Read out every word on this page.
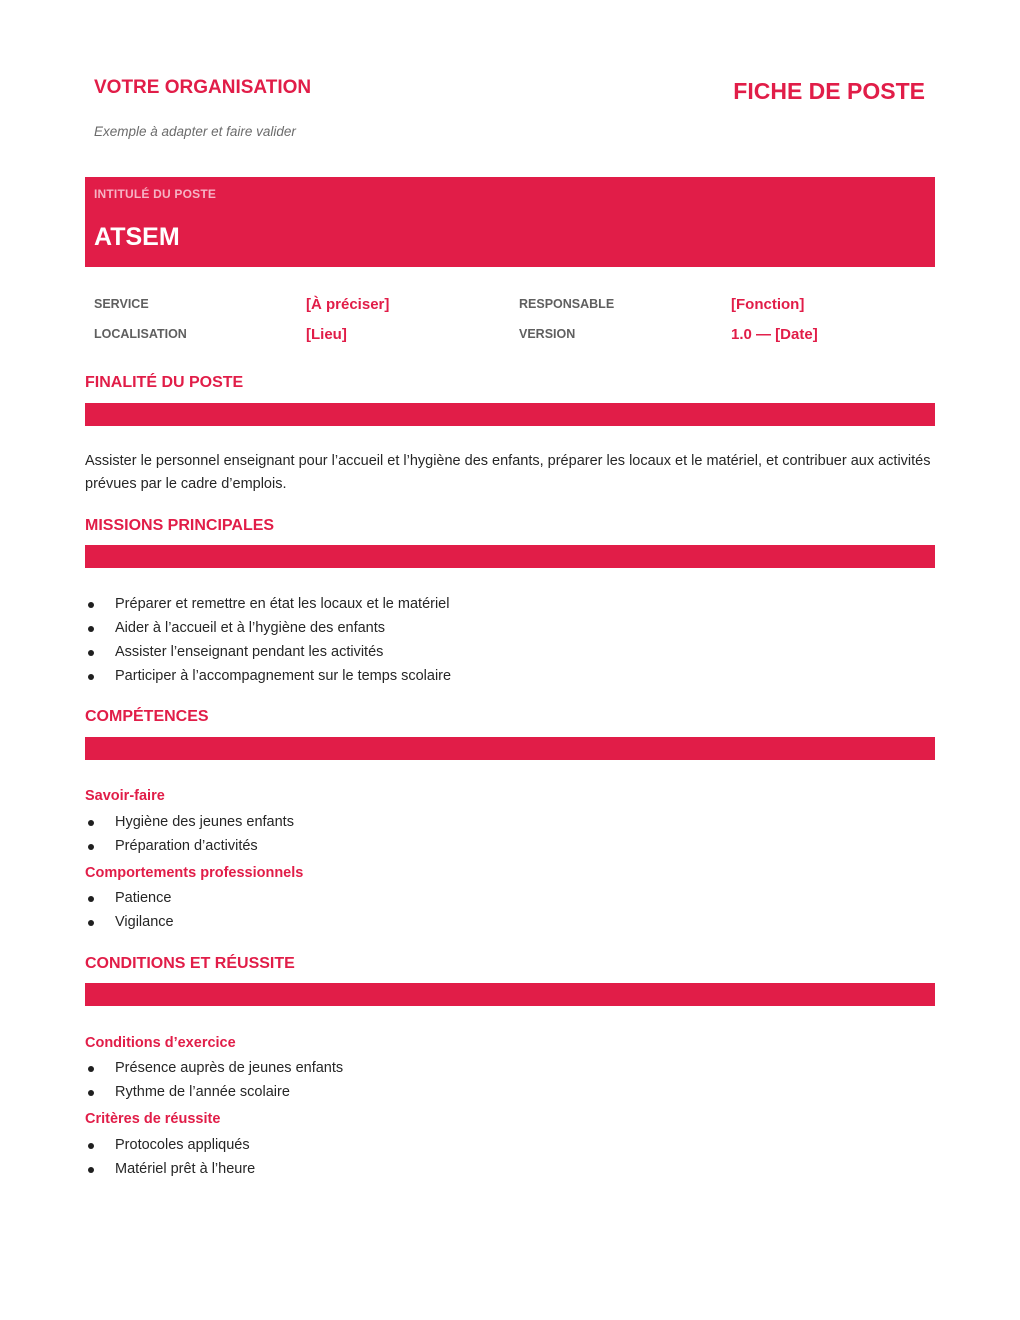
VOTRE ORGANISATION	FICHE DE POSTE
Exemple à adapter et faire valider
INTITULÉ DU POSTE
ATSEM
SERVICE	[À préciser]	RESPONSABLE	[Fonction]
LOCALISATION	[Lieu]	VERSION	1.0 — [Date]
FINALITÉ DU POSTE
Assister le personnel enseignant pour l’accueil et l’hygiène des enfants, préparer les locaux et le matériel, et contribuer aux activités prévues par le cadre d’emplois.
MISSIONS PRINCIPALES
Préparer et remettre en état les locaux et le matériel
Aider à l’accueil et à l’hygiène des enfants
Assister l’enseignant pendant les activités
Participer à l’accompagnement sur le temps scolaire
COMPÉTENCES
Savoir-faire
Hygiène des jeunes enfants
Préparation d’activités
Comportements professionnels
Patience
Vigilance
CONDITIONS ET RÉUSSITE
Conditions d’exercice
Présence auprès de jeunes enfants
Rythme de l’année scolaire
Critères de réussite
Protocoles appliqués
Matériel prêt à l’heure
